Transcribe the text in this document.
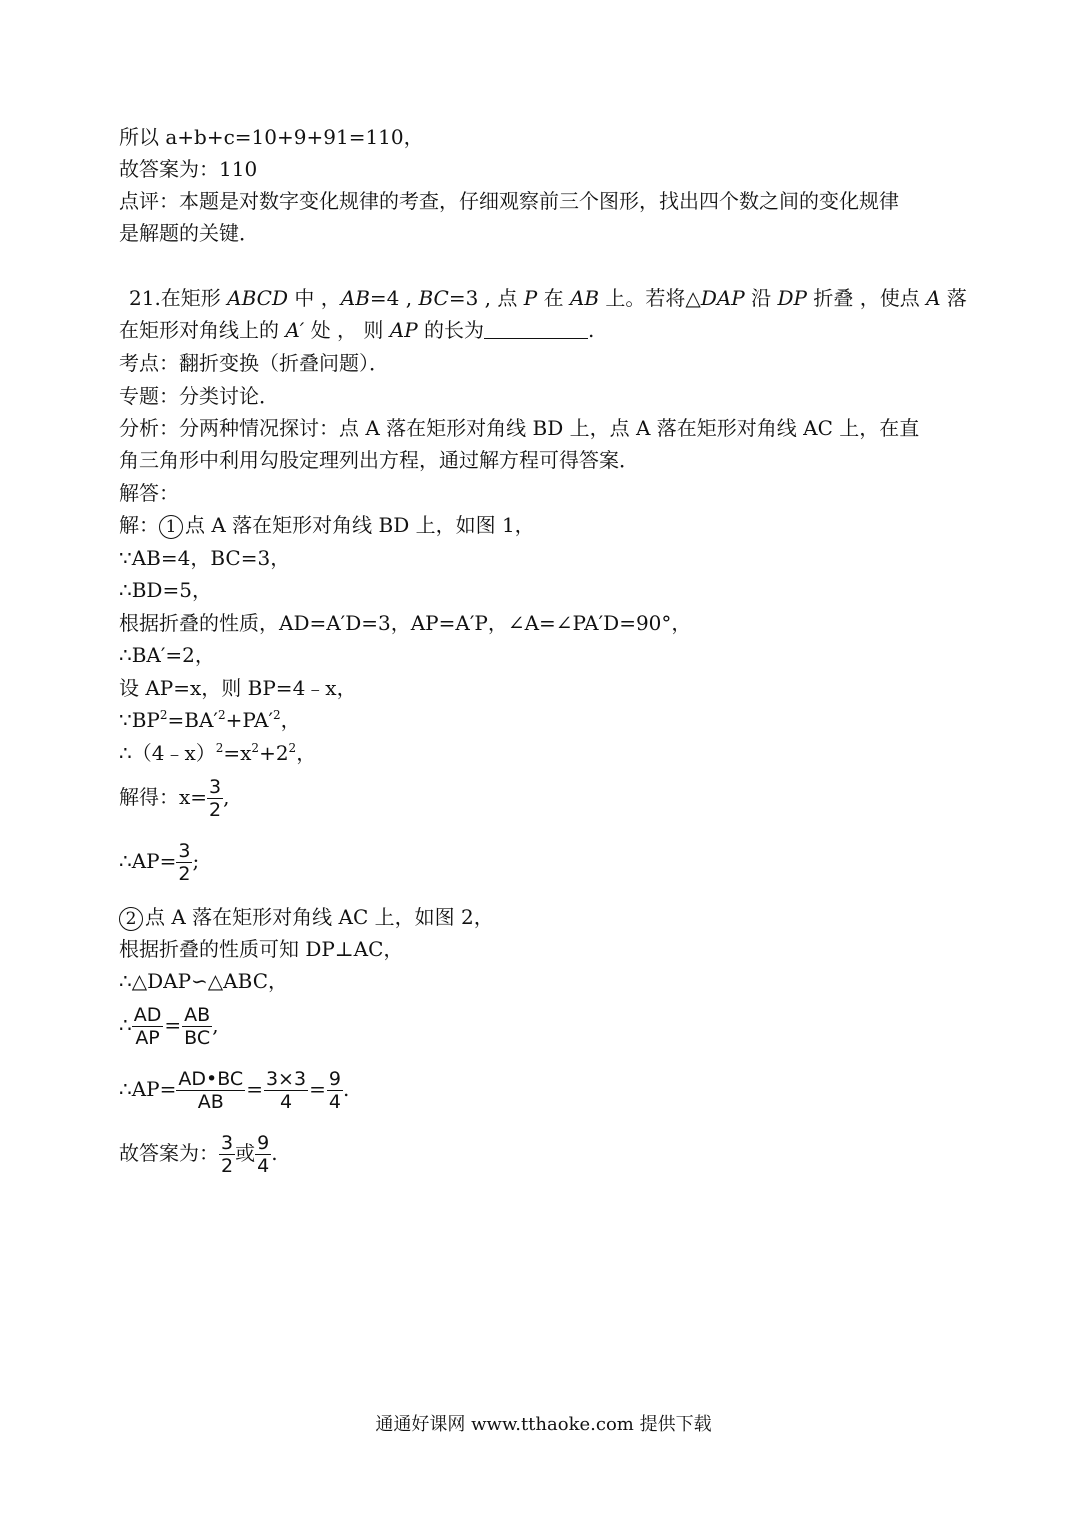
所以 a+b+c=10+9+91=110，
故答案为：110
点评：本题是对数字变化规律的考查，仔细观察前三个图形，找出四个数之间的变化规律
是解题的关键．
21.在矩形 ABCD 中 ，AB=4 , BC=3 , 点 P 在 AB 上。若将△DAP 沿 DP 折叠 ，使点 A 落
在矩形对角线上的 A′ 处 ， 则 AP 的长为	.
考点：翻折变换（折叠问题）．
专题：分类讨论．
分析：分两种情况探讨：点 A 落在矩形对角线 BD 上，点 A 落在矩形对角线 AC 上，在直
角三角形中利用勾股定理列出方程，通过解方程可得答案．
解答：
解： 1 点 A 落在矩形对角线 BD 上，如图 1，
∵AB=4，BC=3，
∴BD=5，
根据折叠的性质，AD=A′D=3，AP=A′P，∠A=∠PA′D=90°，
∴BA′=2，
设 AP=x，则 BP=4﹣x，
$\because BP^2=BA'^2+PA'^2$，
$\therefore(4﹣x)^2=x^2+2^2$，
解得：$x= \frac{3}{2}$ ,
∴AP= $\frac{3}{2}$ ;
2 点 A 落在矩形对角线 AC 上，如图 2，
根据折叠的性质可知 DP⊥AC，
∴△DAP∽△ABC，
∴ $\frac{AD}{AP} = \frac{AB}{BC}$ ,
∴AP= $\frac{AD•BC}{AB} = \frac{3\times 3}{4} = \frac{9}{4}$ .
故答案为： $\frac{3}{2}$ 或 $\frac{9}{4}$ .
通通好课网 www.tthaoke.com 提供下载
